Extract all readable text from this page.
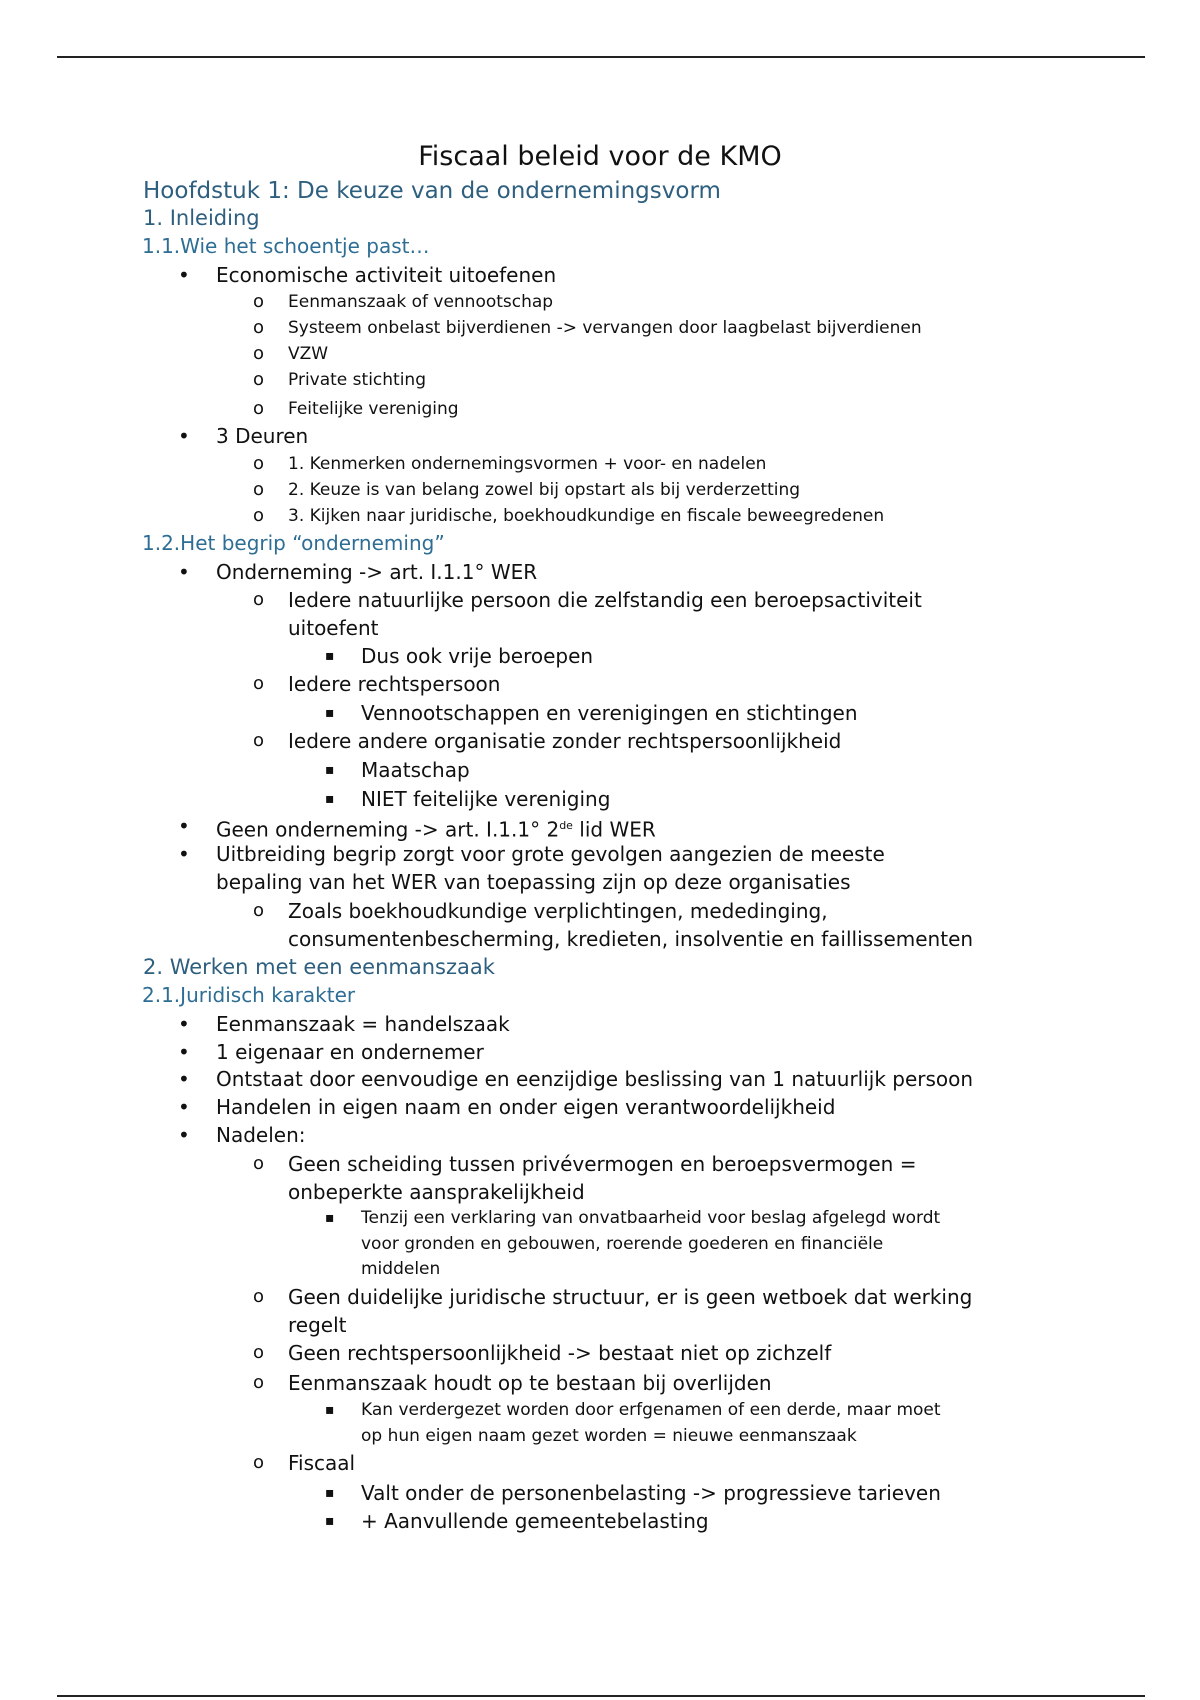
Fiscaal beleid voor de KMO
Hoofdstuk 1: De keuze van de ondernemingsvorm
1. Inleiding
1.1.Wie het schoentje past…
• Economische activiteit uitoefenen
o Eenmanszaak of vennootschap
o Systeem onbelast bijverdienen -> vervangen door laagbelast bijverdienen
o VZW
o Private stichting
o Feitelijke vereniging
• 3 Deuren
o 1. Kenmerken ondernemingsvormen + voor- en nadelen
o 2. Keuze is van belang zowel bij opstart als bij verderzetting
o 3. Kijken naar juridische, boekhoudkundige en fiscale beweegredenen
1.2.Het begrip “onderneming”
• Onderneming -> art. I.1.1° WER
o Iedere natuurlijke persoon die zelfstandig een beroepsactiviteit
uitoefent
▪ Dus ook vrije beroepen
o Iedere rechtspersoon
▪ Vennootschappen en verenigingen en stichtingen
o Iedere andere organisatie zonder rechtspersoonlijkheid
▪ Maatschap
▪ NIET feitelijke vereniging
• Geen onderneming -> art. I.1.1° 2de lid WER
• Uitbreiding begrip zorgt voor grote gevolgen aangezien de meeste
bepaling van het WER van toepassing zijn op deze organisaties
o Zoals boekhoudkundige verplichtingen, mededinging,
consumentenbescherming, kredieten, insolventie en faillissementen
2. Werken met een eenmanszaak
2.1.Juridisch karakter
• Eenmanszaak = handelszaak
• 1 eigenaar en ondernemer
• Ontstaat door eenvoudige en eenzijdige beslissing van 1 natuurlijk persoon
• Handelen in eigen naam en onder eigen verantwoordelijkheid
• Nadelen:
o Geen scheiding tussen privévermogen en beroepsvermogen =
onbeperkte aansprakelijkheid
▪ Tenzij een verklaring van onvatbaarheid voor beslag afgelegd wordt
voor gronden en gebouwen, roerende goederen en financiële
middelen
o Geen duidelijke juridische structuur, er is geen wetboek dat werking
regelt
o Geen rechtspersoonlijkheid -> bestaat niet op zichzelf
o Eenmanszaak houdt op te bestaan bij overlijden
▪ Kan verdergezet worden door erfgenamen of een derde, maar moet
op hun eigen naam gezet worden = nieuwe eenmanszaak
o Fiscaal
▪ Valt onder de personenbelasting -> progressieve tarieven
▪ + Aanvullende gemeentebelasting
